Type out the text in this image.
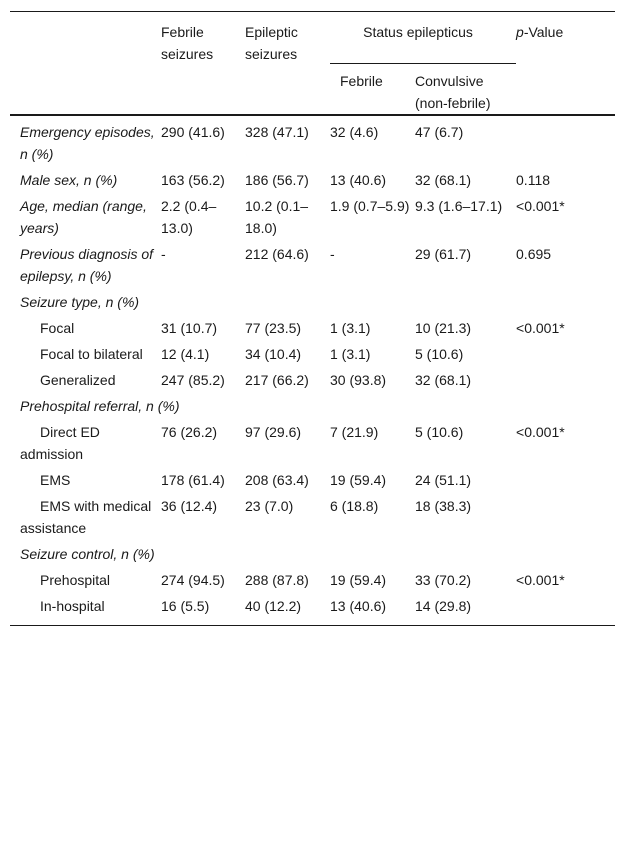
	Febrile seizures	Epileptic seizures	Status epilepticus		p-Value
			Febrile	Convulsive (non-febrile)	
Emergency episodes, n (%)	290 (41.6)	328 (47.1)	32 (4.6)	47 (6.7)	
Male sex, n (%)	163 (56.2)	186 (56.7)	13 (40.6)	32 (68.1)	0.118
Age, median (range, years)	2.2 (0.4–13.0)	10.2 (0.1–18.0)	1.9 (0.7–5.9)	9.3 (1.6–17.1)	<0.001*
Previous diagnosis of epilepsy, n (%)	-	212 (64.6)	-	29 (61.7)	0.695
Seizure type, n (%)					
Focal	31 (10.7)	77 (23.5)	1 (3.1)	10 (21.3)	<0.001*
Focal to bilateral	12 (4.1)	34 (10.4)	1 (3.1)	5 (10.6)	
Generalized	247 (85.2)	217 (66.2)	30 (93.8)	32 (68.1)	
Prehospital referral, n (%)					
Direct ED admission	76 (26.2)	97 (29.6)	7 (21.9)	5 (10.6)	<0.001*
EMS	178 (61.4)	208 (63.4)	19 (59.4)	24 (51.1)	
EMS with medical assistance	36 (12.4)	23 (7.0)	6 (18.8)	18 (38.3)	
Seizure control, n (%)					
Prehospital	274 (94.5)	288 (87.8)	19 (59.4)	33 (70.2)	<0.001*
In-hospital	16 (5.5)	40 (12.2)	13 (40.6)	14 (29.8)	
